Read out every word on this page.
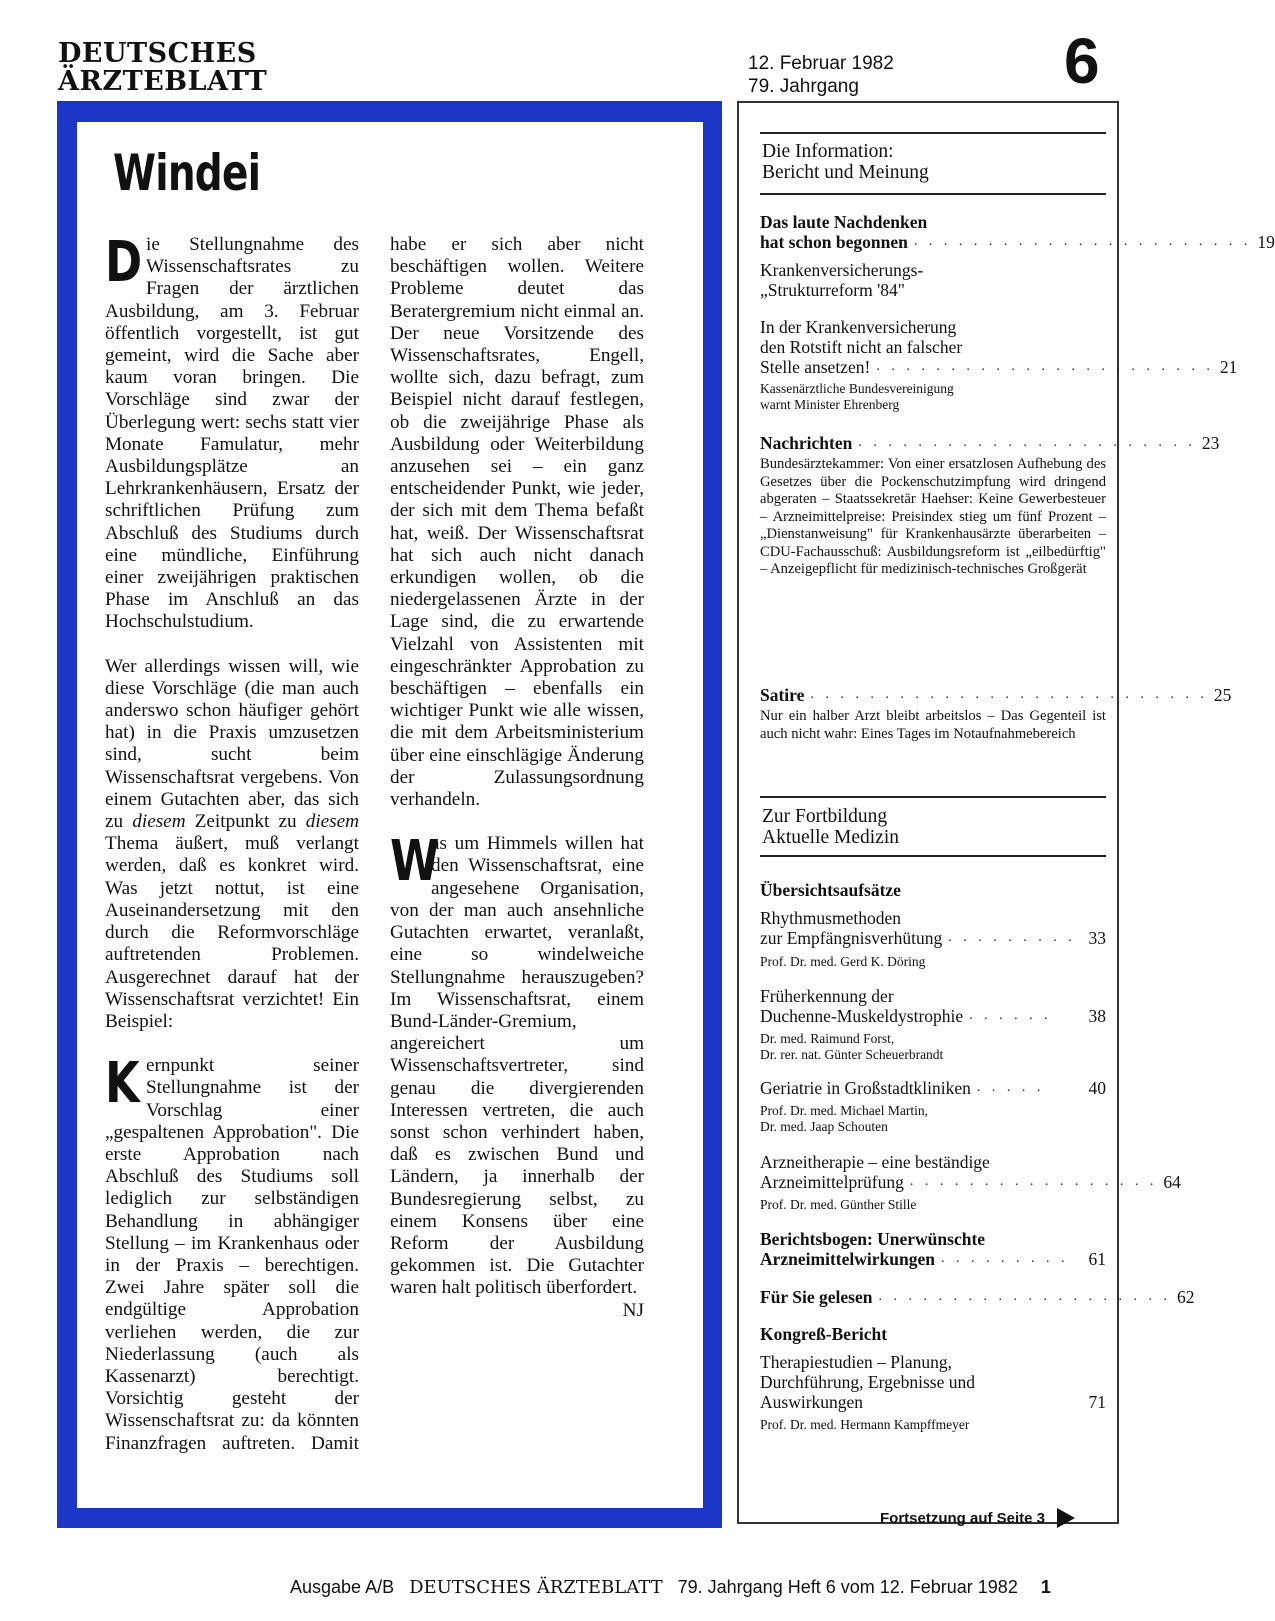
DEUTSCHES
ÄRZTEBLATT
12. Februar 1982
79. Jahrgang	6
Windei

Die Stellungnahme des Wissenschaftsrates zu Fragen der ärztlichen Ausbildung, am 3. Februar öffentlich vorgestellt, ist gut gemeint, wird die Sache aber kaum voran bringen. Die Vorschläge sind zwar der Überlegung wert: sechs statt vier Monate Famulatur, mehr Ausbildungsplätze an Lehrkrankenhäusern, Ersatz der schriftlichen Prüfung zum Abschluß des Studiums durch eine mündliche, Einführung einer zweijährigen praktischen Phase im Anschluß an das Hochschulstudium.

Wer allerdings wissen will, wie diese Vorschläge (die man auch anderswo schon häufiger gehört hat) in die Praxis umzusetzen sind, sucht beim Wissenschaftsrat vergebens. Von einem Gutachten aber, das sich zu diesem Zeitpunkt zu diesem Thema äußert, muß verlangt werden, daß es konkret wird. Was jetzt nottut, ist eine Auseinandersetzung mit den durch die Reformvorschläge auftretenden Problemen. Ausgerechnet darauf hat der Wissenschaftsrat verzichtet! Ein Beispiel:

Kernpunkt seiner Stellungnahme ist der Vorschlag einer „gespaltenen Approbation". Die erste Approbation nach Abschluß des Studiums soll lediglich zur selbständigen Behandlung in abhängiger Stellung – im Krankenhaus oder in der Praxis – berechtigen. Zwei Jahre später soll die endgültige Approbation verliehen werden, die zur Niederlassung (auch als Kassenarzt) berechtigt. Vorsichtig gesteht der Wissenschaftsrat zu: da könnten Finanzfragen auftreten. Damit

habe er sich aber nicht beschäftigen wollen. Weitere Probleme deutet das Beratergremium nicht einmal an. Der neue Vorsitzende des Wissenschaftsrates, Engell, wollte sich, dazu befragt, zum Beispiel nicht darauf festlegen, ob die zweijährige Phase als Ausbildung oder Weiterbildung anzusehen sei – ein ganz entscheidender Punkt, wie jeder, der sich mit dem Thema befaßt hat, weiß. Der Wissenschaftsrat hat sich auch nicht danach erkundigen wollen, ob die niedergelassenen Ärzte in der Lage sind, die zu erwartende Vielzahl von Assistenten mit eingeschränkter Approbation zu beschäftigen – ebenfalls ein wichtiger Punkt wie alle wissen, die mit dem Arbeitsministerium über eine einschlägige Änderung der Zulassungsordnung verhandeln.

W
as um Himmels willen hat den Wissenschaftsrat, eine angesehene Organisation, von der man auch ansehnliche Gutachten erwartet, veranlaßt, eine so windelweiche Stellungnahme herauszugeben? Im Wissenschaftsrat, einem Bund-Länder-Gremium, angereichert um Wissenschaftsvertreter, sind genau die divergierenden Interessen vertreten, die auch sonst schon verhindert haben, daß es zwischen Bund und Ländern, ja innerhalb der Bundesregierung selbst, zu einem Konsens über eine Reform der Ausbildung gekommen ist. Die Gutachter waren halt politisch überfordert.
NJ

Die Information:
Bericht und Meinung
Das laute Nachdenken
hat schon begonnen . . . . . . . . . . . . . . . . . . . . . . . 19
Krankenversicherungs-
„Strukturreform '84"
In der Krankenversicherung
den Rotstift nicht an falscher
Stelle ansetzen! . . . . . . . . . . . . . . . . . . . . . . . 21
Kassenärztliche Bundesvereinigung
warnt Minister Ehrenberg
Nachrichten . . . . . . . . . . . . . . . . . . . . . . . 23
Bundesärztekammer: Von einer ersatzlosen Aufhebung des Gesetzes über die Pockenschutzimpfung wird dringend abgeraten – Staatssekretär Haehser: Keine Gewerbesteuer – Arzneimittelpreise: Preisindex stieg um fünf Prozent – „Dienstanweisung" für Krankenhausärzte überarbeiten – CDU-Fachausschuß: Ausbildungsreform ist „eilbedürftig" – Anzeigepflicht für medizinisch-technisches Großgerät
Satire . . . . . . . . . . . . . . . . . . . . . . . . . . . 25
Nur ein halber Arzt bleibt arbeitslos – Das Gegenteil ist auch nicht wahr: Eines Tages im Notaufnahmebereich
Zur Fortbildung
Aktuelle Medizin
Übersichtsaufsätze
Rhythmusmethoden
zur Empfängnisverhütung . . . . . . . . . 33
Prof. Dr. med. Gerd K. Döring
Früherkennung der
Duchenne-Muskeldystrophie . . . . . .	38
Dr. med. Raimund Forst,
Dr. rer. nat. Günter Scheuerbrandt
Geriatrie in Großstadtkliniken . . . . .	40
Prof. Dr. med. Michael Martin,
Dr. med. Jaap Schouten
Arzneitherapie – eine beständige
Arzneimittelprüfung . . . . . . . . . . . . . . . . . 64
Prof. Dr. med. Günther Stille
Berichtsbogen: Unerwünschte
Arzneimittelwirkungen . . . . . . . . .	61
Für Sie gelesen . . . . . . . . . . . . . . . . . . . . 62
Kongreß-Bericht
Therapiestudien – Planung,
Durchführung, Ergebnisse und
Auswirkungen	71
Prof. Dr. med. Hermann Kampffmeyer
Fortsetzung auf Seite 3
Ausgabe A/B DEUTSCHES ÄRZTEBLATT 79. Jahrgang Heft 6 vom 12. Februar 1982 1
